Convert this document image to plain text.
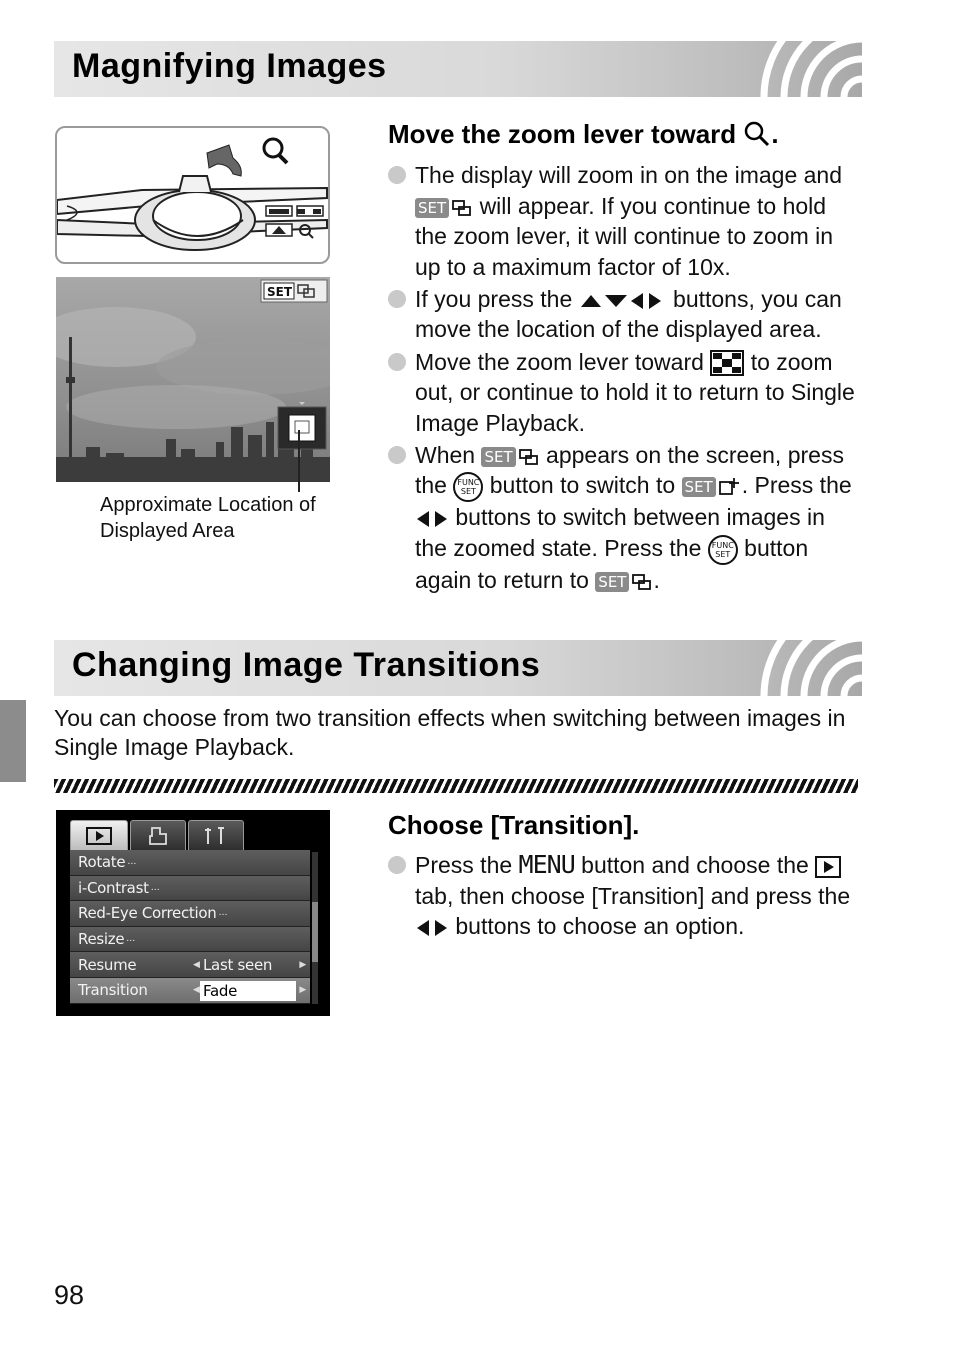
Magnifying Images
SET
Approximate Location of
Displayed Area
Move the zoom lever toward .
The display will zoom in on the image and
SET will appear. If you continue to hold the zoom lever, it will continue to zoom in up to a maximum factor of 10x.
If you press the	buttons, you can move the location of the displayed area.
Move the zoom lever toward to zoom out, or continue to hold it to return to Single Image Playback.
When SET appears on the screen, press the FUNC
SET button to switch to SET . Press the  buttons to switch between images in the zoomed state. Press the FUNC
SET button again to return to SET .
Changing Image Transitions
You can choose from two transition effects when switching between images in Single Image Playback.
Rotate …
i-Contrast …
Red-Eye Correction …
Resize …
Resume	◀ Last seen	▶
Transition	◀ Fade	▶
Choose [Transition].
Press the MENU button and choose the  tab, then choose [Transition] and press the  buttons to choose an option.
98
